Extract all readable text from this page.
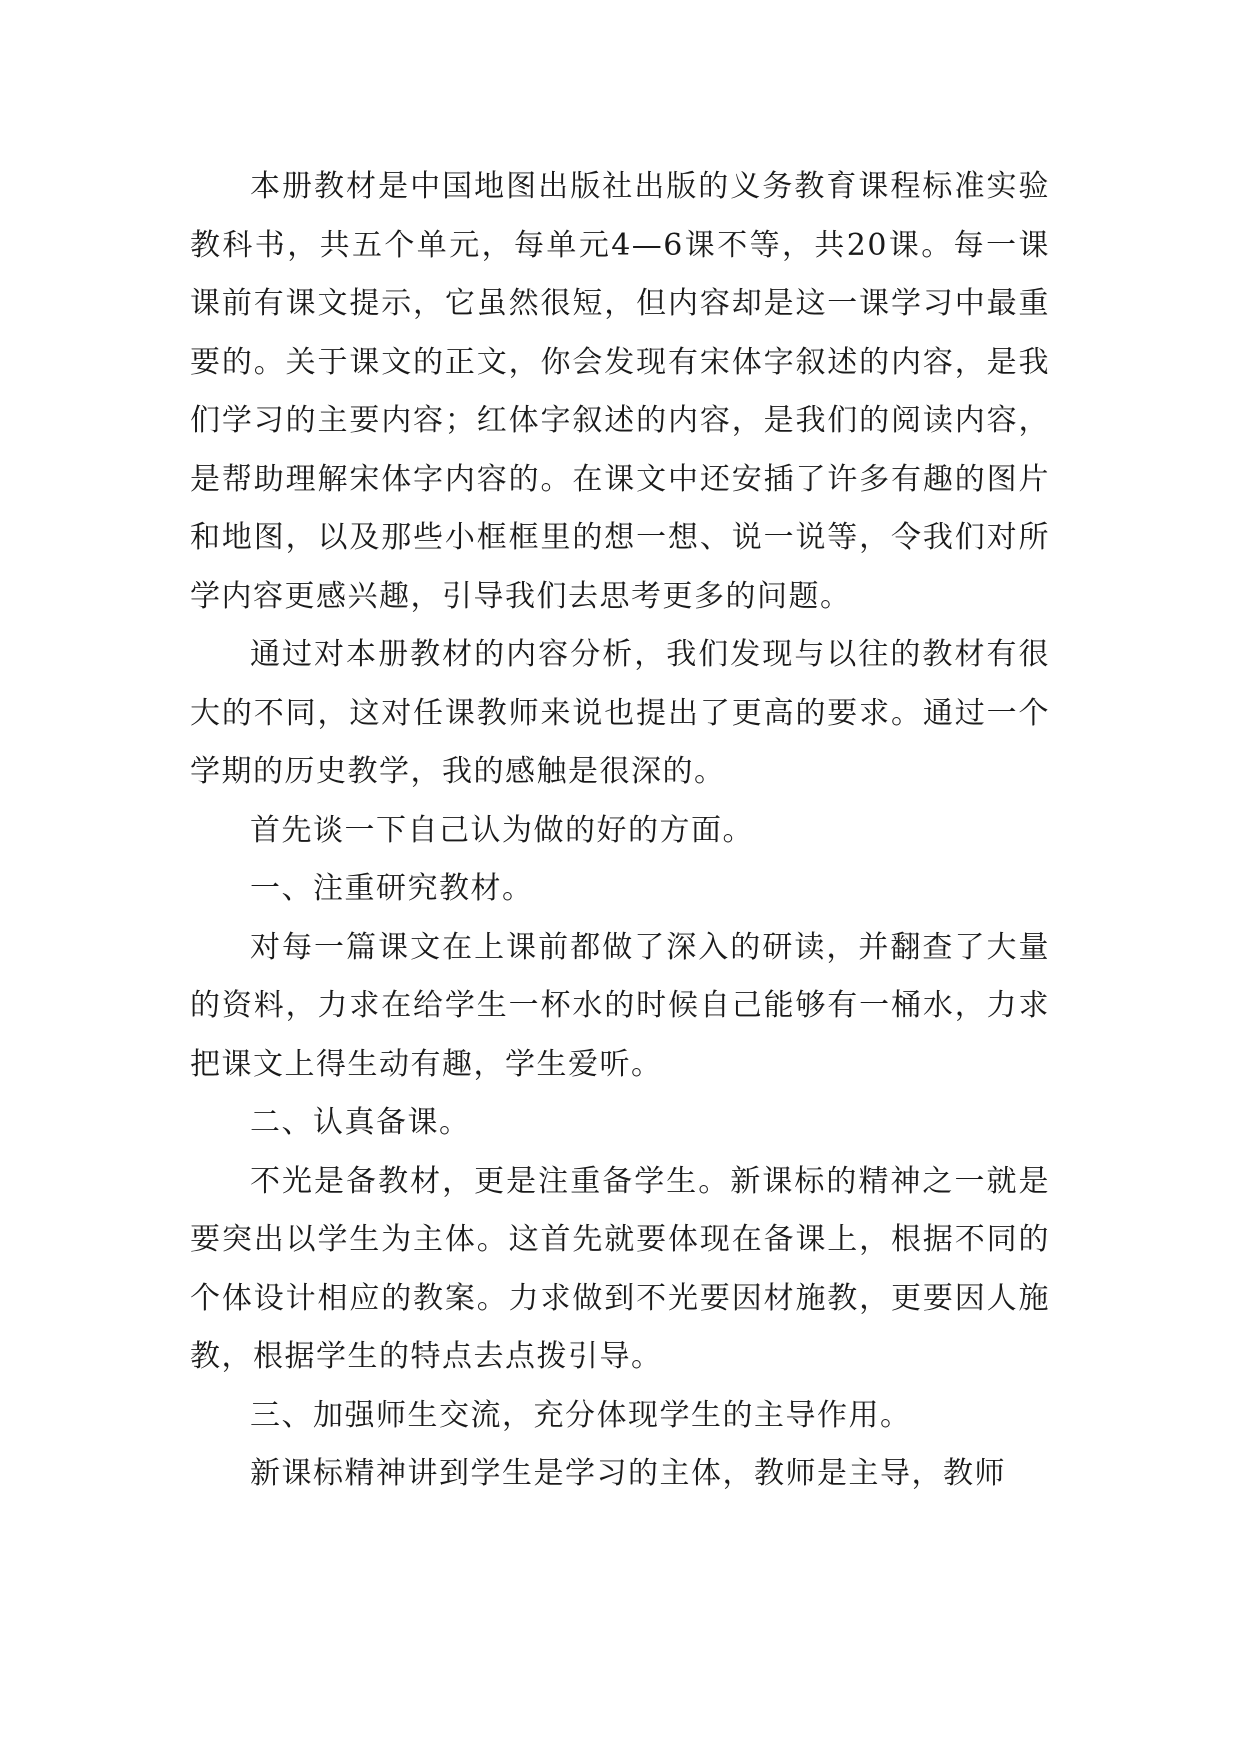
本册教材是中国地图出版社出版的义务教育课程标准实验教科书，共五个单元，每单元4—6课不等，共20课。每一课课前有课文提示，它虽然很短，但内容却是这一课学习中最重要的。关于课文的正文，你会发现有宋体字叙述的内容，是我们学习的主要内容；红体字叙述的内容，是我们的阅读内容，是帮助理解宋体字内容的。在课文中还安插了许多有趣的图片和地图，以及那些小框框里的想一想、说一说等，令我们对所学内容更感兴趣，引导我们去思考更多的问题。

通过对本册教材的内容分析，我们发现与以往的教材有很大的不同，这对任课教师来说也提出了更高的要求。通过一个学期的历史教学，我的感触是很深的。

首先谈一下自己认为做的好的方面。

一、注重研究教材。

对每一篇课文在上课前都做了深入的研读，并翻查了大量的资料，力求在给学生一杯水的时候自己能够有一桶水，力求把课文上得生动有趣，学生爱听。

二、认真备课。

不光是备教材，更是注重备学生。新课标的精神之一就是要突出以学生为主体。这首先就要体现在备课上，根据不同的个体设计相应的教案。力求做到不光要因材施教，更要因人施教，根据学生的特点去点拨引导。

三、加强师生交流，充分体现学生的主导作用。

新课标精神讲到学生是学习的主体，教师是主导，教师
